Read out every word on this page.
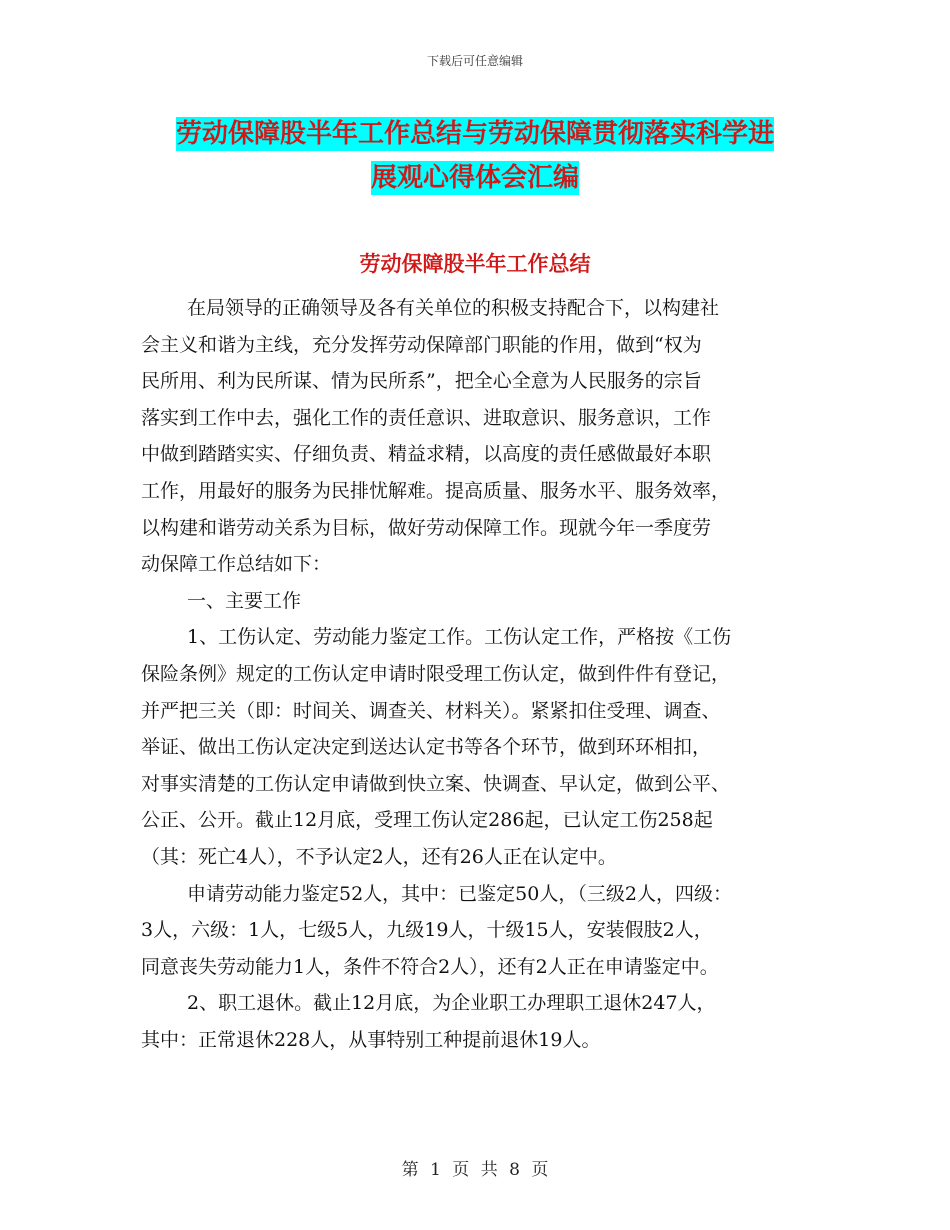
下载后可任意编辑
劳动保障股半年工作总结与劳动保障贯彻落实科学进
展观心得体会汇编
劳动保障股半年工作总结
在局领导的正确领导及各有关单位的积极支持配合下，以构建社
会主义和谐为主线，充分发挥劳动保障部门职能的作用，做到“权为
民所用、利为民所谋、情为民所系”，把全心全意为人民服务的宗旨
落实到工作中去，强化工作的责任意识、进取意识、服务意识，工作
中做到踏踏实实、仔细负责、精益求精，以高度的责任感做最好本职
工作，用最好的服务为民排忧解难。提高质量、服务水平、服务效率，
以构建和谐劳动关系为目标，做好劳动保障工作。现就今年一季度劳
动保障工作总结如下：
一、主要工作
1、工伤认定、劳动能力鉴定工作。工伤认定工作，严格按《工伤
保险条例》规定的工伤认定申请时限受理工伤认定，做到件件有登记，
并严把三关（即：时间关、调查关、材料关）。紧紧扣住受理、调查、
举证、做出工伤认定决定到送达认定书等各个环节，做到环环相扣，
对事实清楚的工伤认定申请做到快立案、快调查、早认定，做到公平、
公正、公开。截止12月底，受理工伤认定286起，已认定工伤258起
（其：死亡4人），不予认定2人，还有26人正在认定中。
申请劳动能力鉴定52人，其中：已鉴定50人，（三级2人，四级：
3人，六级：1人，七级5人，九级19人，十级15人，安装假肢2人，
同意丧失劳动能力1人，条件不符合2人），还有2人正在申请鉴定中。
2、职工退休。截止12月底，为企业职工办理职工退休247人，
其中：正常退休228人，从事特别工种提前退休19人。
第 1 页 共 8 页
